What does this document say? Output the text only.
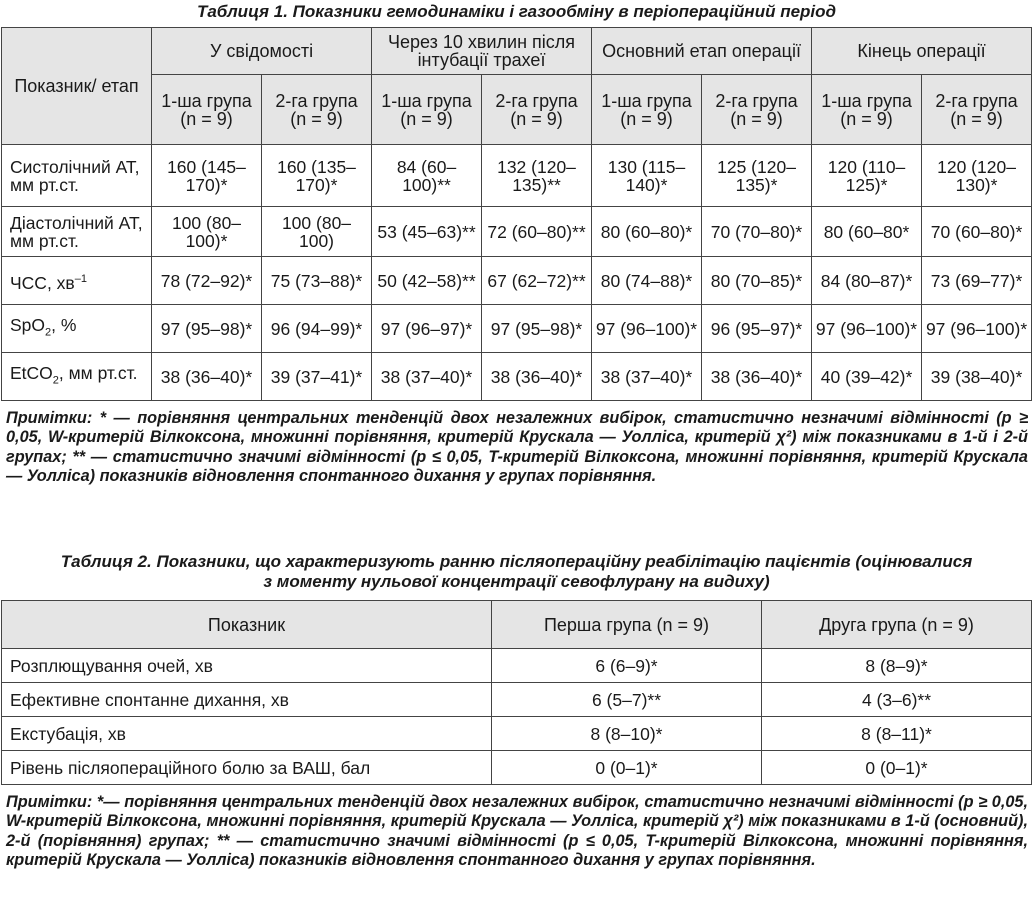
Таблиця 1. Показники гемодинаміки і газообміну в періопераційний період
Показник/ етап	У свідомості		Через 10 хвилин після інтубації трахеї		Основний етап операції		Кінець операції	
	1-ша група (n = 9)	2-га група (n = 9)	1-ша група (n = 9)	2-га група (n = 9)	1-ша група (n = 9)	2-га група (n = 9)	1-ша група (n = 9)	2-га група (n = 9)
Систолічний АТ, мм рт.ст.	160 (145–170)*	160 (135–170)*	84 (60–100)**	132 (120–135)**	130 (115–140)*	125 (120–135)*	120 (110–125)*	120 (120–130)*
Діастолічний АТ, мм рт.ст.	100 (80–100)*	100 (80–100)	53 (45–63)**	72 (60–80)**	80 (60–80)*	70 (70–80)*	80 (60–80*	70 (60–80)*
ЧСС, $хв^{-1}$	78 (72–92)*	75 (73–88)*	50 (42–58)**	67 (62–72)**	80 (74–88)*	80 (70–85)*	84 (80–87)*	73 (69–77)*
SpO$_2$, %	97 (95–98)*	96 (94–99)*	97 (96–97)*	97 (95–98)*	97 (96–100)*	96 (95–97)*	97 (96–100)*	97 (96–100)*
EtCO$_2$, мм рт.ст.	38 (36–40)*	39 (37–41)*	38 (37–40)*	38 (36–40)*	38 (37–40)*	38 (36–40)*	40 (39–42)*	39 (38–40)*
Примітки: * — порівняння центральних тенденцій двох незалежних вибірок, статистично незначимі відмінності (p ≥ 0,05, W-критерій Вілкоксона, множинні порівняння, критерій Крускала — Уолліса, критерій χ²) між показниками в 1-й і 2-й групах; ** — статистично значимі відмінності (p ≤ 0,05, T-критерій Вілкоксона, множинні порівняння, критерій Крускала — Уолліса) показників відновлення спонтанного дихання у групах порівняння.
Таблиця 2. Показники, що характеризують ранню післяопераційну реабілітацію пацієнтів (оцінювалися
з моменту нульової концентрації севофлурану на видиху)
Показник	Перша група (n = 9)	Друга група (n = 9)
Розплющування очей, хв	6 (6–9)*	8 (8–9)*
Ефективне спонтанне дихання, хв	6 (5–7)**	4 (3–6)**
Екстубація, хв	8 (8–10)*	8 (8–11)*
Рівень післяопераційного болю за ВАШ, бал	0 (0–1)*	0 (0–1)*
Примітки: *— порівняння центральних тенденцій двох незалежних вибірок, статистично незначимі відмінності (p ≥ 0,05, W-критерій Вілкоксона, множинні порівняння, критерій Крускала — Уолліса, критерій χ²) між показниками в 1-й (основний), 2-й (порівняння) групах; ** — статистично значимі відмінності (p ≤ 0,05, T-критерій Вілкоксона, множинні порівняння, критерій Крускала — Уолліса) показників відновлення спонтанного дихання у групах порівняння.
